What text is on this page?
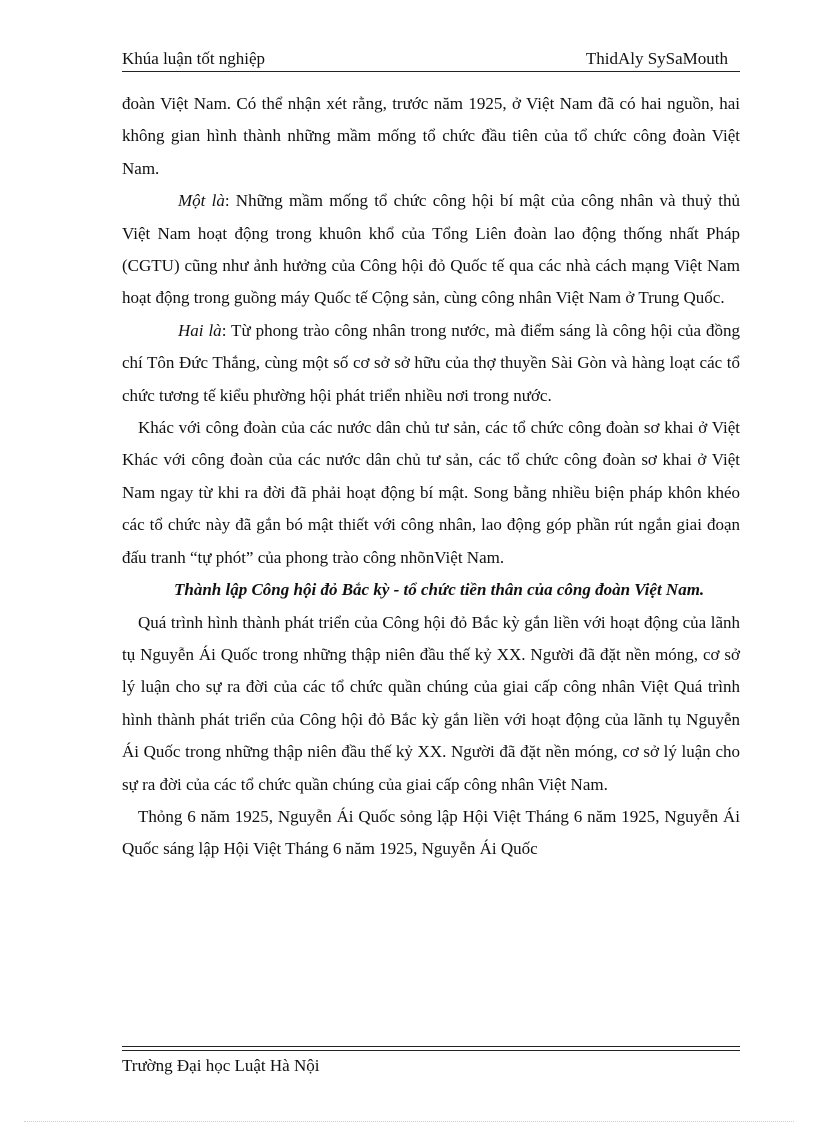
Khúa luận tốt nghiệp	ThidAly SySaMouth

đoàn Việt Nam. Có thể nhận xét rằng, trước năm 1925, ở Việt Nam đã có hai nguồn, hai không gian hình thành những mầm mống tổ chức đầu tiên của tổ chức công đoàn Việt Nam.

Một là: Những mầm mống tổ chức công hội bí mật của công nhân và thuỷ thủ Việt Nam hoạt động trong khuôn khổ của Tổng Liên đoàn lao động thống nhất Pháp (CGTU) cũng như ảnh hưởng của Công hội đỏ Quốc tế qua các nhà cách mạng Việt Nam hoạt động trong guồng máy Quốc tế Cộng sản, cùng công nhân Việt Nam ở Trung Quốc.

Hai là: Từ phong trào công nhân trong nước, mà điểm sáng là công hội của đồng chí Tôn Đức Thắng, cùng một số cơ sở sở hữu của thợ thuyền Sài Gòn và hàng loạt các tổ chức tương tế kiểu phường hội phát triển nhiều nơi trong nước.

Khác với công đoàn của các nước dân chủ tư sản, các tổ chức công đoàn sơ khai ở Việt Khác với công đoàn của các nước dân chủ tư sản, các tổ chức công đoàn sơ khai ở Việt Nam ngay từ khi ra đời đã phải hoạt động bí mật. Song bằng nhiều biện pháp khôn khéo các tổ chức này đã gắn bó mật thiết với công nhân, lao động góp phần rút ngắn giai đoạn đấu tranh “tự phót” của phong trào công nhõnViệt Nam.

Thành lập Công hội đỏ Bắc kỳ - tổ chức tiền thân của công đoàn Việt Nam.

Quá trình hình thành phát triển của Công hội đỏ Bắc kỳ gắn liền với hoạt động của lãnh tụ Nguyễn Ái Quốc trong những thập niên đầu thế kỷ XX. Người đã đặt nền móng, cơ sở lý luận cho sự ra đời của các tổ chức quần chúng của giai cấp công nhân Việt Quá trình hình thành phát triển của Công hội đỏ Bắc kỳ gắn liền với hoạt động của lãnh tụ Nguyễn Ái Quốc trong những thập niên đầu thế kỷ XX. Người đã đặt nền móng, cơ sở lý luận cho sự ra đời của các tổ chức quần chúng của giai cấp công nhân Việt Nam.

Thỏng 6 năm 1925, Nguyễn Ái Quốc sỏng lập Hội Việt Tháng 6 năm 1925, Nguyễn Ái Quốc sáng lập Hội Việt Tháng 6 năm 1925, Nguyễn Ái Quốc

Trường Đại học Luật Hà Nội
